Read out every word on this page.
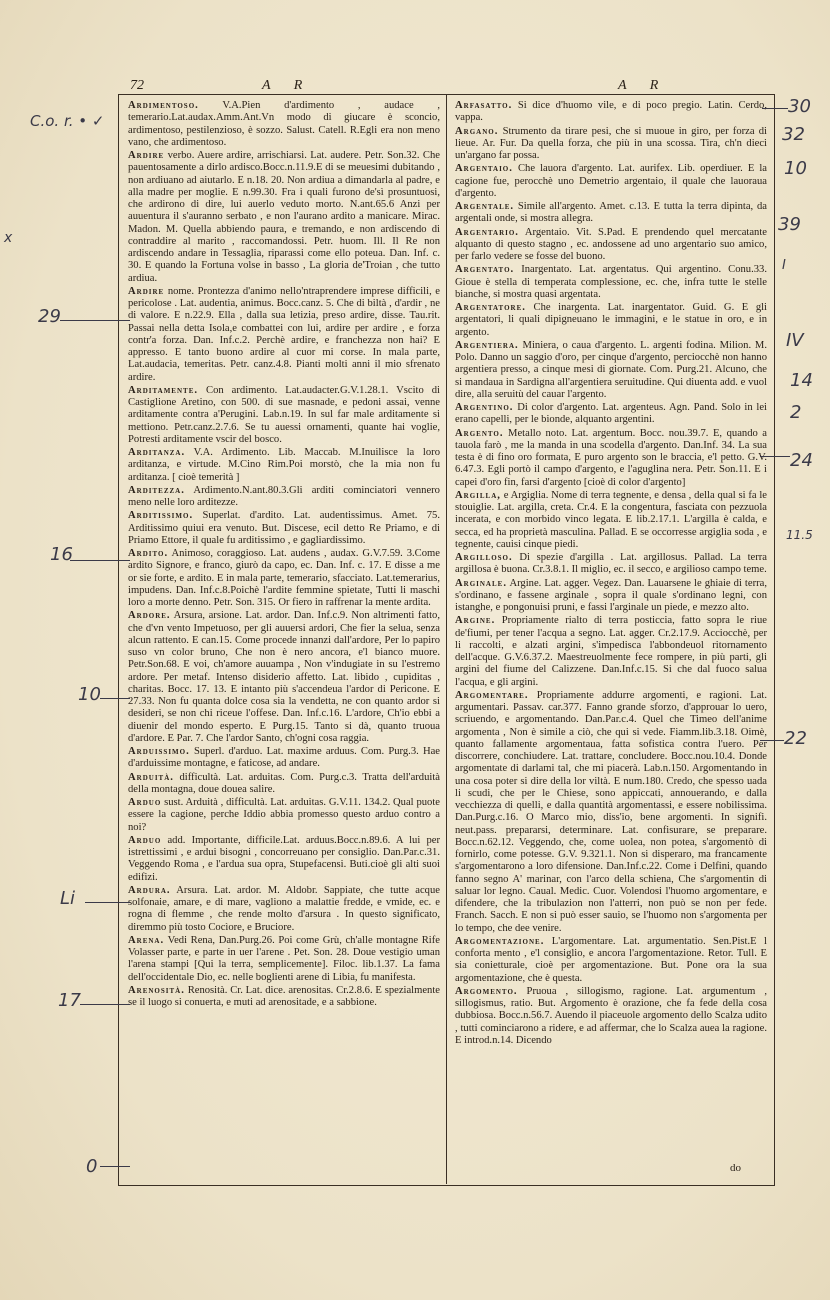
72	A R	A R
Ardimentoso. V.A.Pien d'ardimento , audace , temerario.Lat.audax.Amm.Ant.Vn modo di giucare è sconcio, ardimentoso, pestilenzioso, è sozzo. Salust. Catell. R.Egli era non meno vano, che ardimentoso.
Ardire verbo. Auere ardire, arrischiarsi. Lat. audere. Petr. Son.32. Che pauentosamente a dirlo ardisco.Bocc.n.11.9.E di se meuesimi dubitando , non ardiuano ad aiutarlo. E n.18. 20. Non ardiua a dimandarla al padre, e alla madre per moglie. E n.99.30. Fra i quali furono de'sì prosuntuosi, che ardirono di dire, lui auerlo veduto morto. N.ant.65.6 Anzi per auuentura il s'auranno serbato , e non l'aurano ardito a manicare. Mirac. Madon. M. Quella abbiendo paura, e tremando, e non ardiscendo di contraddire al marito , raccomandossi. Petr. huom. Ill. Il Re non ardiscendo andare in Tessaglia, riparassi come ello poteua. Dan. Inf. c. 30. E quando la Fortuna volse in basso , La gloria de'Troian , che tutto ardiua.
Ardire nome. Prontezza d'animo nello'ntraprendere imprese difficili, e pericolose . Lat. audentia, animus. Bocc.canz. 5. Che di biltà , d'ardir , ne di valore. E n.22.9. Ella , dalla sua letizia, preso ardire, disse. Tau.rit. Passai nella detta Isola,e combattei con lui, ardire per ardire , e forza contr'a forza. Dan. Inf.c.2. Perchè ardire, e franchezza non hai? E appresso. E tanto buono ardire al cuor mi corse. In mala parte, Lat.audacia, temeritas. Petr. canz.4.8. Pianti molti anni il mio sfrenato ardire.
Arditamente. Con ardimento. Lat.audacter.G.V.1.28.1. Vscito di Castiglione Aretino, con 500. di sue masnade, e pedoni assai, venne arditamente contra a'Perugini. Lab.n.19. In sul far male arditamente si mettiono. Petr.canz.2.7.6. Se tu auessi ornamenti, quante hai voglie, Potresti arditamente vscir del bosco.
Arditanza. V.A. Ardimento. Lib. Maccab. M.Inuilisce la loro arditanza, e virtude. M.Cino Rim.Poi morstò, che la mia non fu arditanza. [ cioè temerità ]
Arditezza. Ardimento.N.ant.80.3.Gli arditi cominciatori vennero meno nelle loro arditezze.
Arditissimo. Superlat. d'ardito. Lat. audentissimus. Amet. 75. Arditissimo quiui era venuto. But. Discese, ecil detto Re Priamo, e di Priamo Ettore, il quale fu arditissimo , e gagliardissimo.
Ardito. Animoso, coraggioso. Lat. audens , audax. G.V.7.59. 3.Come ardito Signore, e franco, giurò da capo, ec. Dan. Inf. c. 17. E disse a me or sie forte, e ardito. E in mala parte, temerario, sfacciato. Lat.temerarius, impudens. Dan. Inf.c.8.Poichè l'ardite femmine spietate, Tutti li maschi loro a morte denno. Petr. Son. 315. Or fiero in raffrenar la mente ardita.
Ardore. Arsura, arsione. Lat. ardor. Dan. Inf.c.9. Non altrimenti fatto, che d'vn vento Impetuoso, per gli auuersi ardori, Che fier la selua, senza alcun rattento. E can.15. Come procede innanzi dall'ardore, Per lo papiro suso vn color bruno, Che non è nero ancora, e'l bianco muore. Petr.Son.68. E voi, ch'amore auuampa , Non v'indugiate in su l'estremo ardore. Per metaf. Intenso disiderio affetto. Lat. libido , cupiditas , charitas. Bocc. 17. 13. E intanto più s'accendeua l'ardor di Pericone. E 27.33. Non fu quanta dolce cosa sia la vendetta, ne con quanto ardor si desideri, se non chi riceue l'offese. Dan. Inf.c.16. L'ardore, Ch'io ebbi a diuenir del mondo esperto. E Purg.15. Tanto si dà, quanto truoua d'ardore. E Par. 7. Che l'ardor Santo, ch'ogni cosa raggia.
Arduissimo. Superl. d'arduo. Lat. maxime arduus. Com. Purg.3. Hae d'arduissime montagne, e faticose, ad andare.
Arduità. difficultà. Lat. arduitas. Com. Purg.c.3. Tratta dell'arduità della montagna, doue douea salire.
Arduo sust. Arduità , difficultà. Lat. arduitas. G.V.11. 134.2. Qual puote essere la cagione, perche Iddio abbia promesso questo arduo contro a noi?
Arduo add. Importante, difficile.Lat. arduus.Bocc.n.89.6. A lui per istrettissimi , e ardui bisogni , concorreuano per consiglio. Dan.Par.c.31. Veggendo Roma , e l'ardua sua opra, Stupefacensi. Buti.cioè gli alti suoi edifizi.
Ardura. Arsura. Lat. ardor. M. Aldobr. Sappiate, che tutte acque solfonaie, amare, e di mare, vagliono a malattie fredde, e vmide, ec. e rogna di flemme , che rende molto d'arsura . In questo significato, diremmo più tosto Cocìore, e Bruciore.
Arena. Vedi Rena, Dan.Purg.26. Poi come Grù, ch'alle montagne Rife Volasser parte, e parte in uer l'arene . Pet. Son. 28. Doue vestigio uman l'arena stampi [Qui la terra, semplicemente]. Filoc. lib.1.37. La fama dell'occidentale Dio, ec. nelle boglienti arene di Libia, fu manifesta.
Arenosità. Renosità. Cr. Lat. dice. arenositas. Cr.2.8.6. E spezialmente se il luogo si conuerta, e muti ad arenositade, e a sabbione.
Arfasatto. Si dice d'huomo vile, e di poco pregio. Latin. Cerdo, vappa.
Argano. Strumento da tirare pesi, che si muoue in giro, per forza di lieue. Ar. Fur. Da quella forza, che più in una scossa. Tira, ch'n dieci un'argano far possa.
Argentaio. Che lauora d'argento. Lat. aurifex. Lib. operdiuer. E la cagione fue, perocchè uno Demetrio argentaio, il quale che lauoraua d'argento.
Argentale. Simile all'argento. Amet. c.13. E tutta la terra dipinta, da argentali onde, si mostra allegra.
Argentario. Argentaio. Vit. S.Pad. E prendendo quel mercatante alquanto di questo stagno , ec. andossene ad uno argentario suo amico, per farlo vedere se fosse del buono.
Argentato. Inargentato. Lat. argentatus. Qui argentino. Conu.33. Gioue è stella di temperata complessione, ec. che, infra tutte le stelle bianche, si mostra quasi argentata.
Argentatore. Che inargenta. Lat. inargentator. Guid. G. E gli argentatori, li quali dipigneuano le immagini, e le statue in oro, e in argento.
Argentiera. Miniera, o caua d'argento. L. argenti fodina. Milion. M. Polo. Danno un saggio d'oro, per cinque d'argento, perciocchè non hanno argentiera presso, a cinque mesi di giornate. Com. Purg.21. Alcuno, che si mandaua in Sardigna all'argentiera seruitudine. Qui diuenta add. e vuol dire, alla seruitù del cauar l'argento.
Argentino. Di color d'argento. Lat. argenteus. Agn. Pand. Solo in lei erano capelli, per le bionde, alquanto argentini.
Argento. Metallo noto. Lat. argentum. Bocc. nou.39.7. E, quando a tauola farò , me la manda in una scodella d'argento. Dan.Inf. 34. La sua testa è di fino oro formata, E puro argento son le braccia, e'l petto. G.V. 6.47.3. Egli portò il campo d'argento, e l'aguglina nera. Petr. Son.11. E i capei d'oro fin, farsi d'argento [cioè di color d'argento]
Argilla, e Argiglia. Nome di terra tegnente, e densa , della qual si fa le stouiglie. Lat. argilla, creta. Cr.4. E la congentura, fasciata con pezzuola incerata, e con morbido vinco legata. E lib.2.17.1. L'argilla è calda, e secca, ed ha proprietà masculina. Pallad. E se occorresse argiglia soda , e tegnente, cauisi cinque piedi.
Argilloso. Di spezie d'argilla . Lat. argillosus. Pallad. La terra argillosa è buona. Cr.3.8.1. Il miglio, ec. il secco, e argilioso campo teme.
Arginale. Argine. Lat. agger. Vegez. Dan. Lauarsene le ghiaie di terra, s'ordinano, e fassene arginale , sopra il quale s'ordinano legni, con istanghe, e pongonuisi pruni, e fassi l'arginale un piede, e mezzo alto.
Argine. Propriamente rialto di terra posticcia, fatto sopra le riue de'fiumi, per tener l'acqua a segno. Lat. agger. Cr.2.17.9. Acciocchè, per li raccolti, e alzati argini, s'impedisca l'abbondeuol ritornamento dell'acque. G.V.6.37.2. Maestreuolmente fece rompere, in più parti, gli argini del fiume del Calizzene. Dan.Inf.c.15. Si che dal fuoco salua l'acqua, e gli argini.
Argomentare. Propriamente addurre argomenti, e ragioni. Lat. argumentari. Passav. car.377. Fanno grande sforzo, d'approuar lo uero, scriuendo, e argomentando. Dan.Par.c.4. Quel che Timeo dell'anime argomenta , Non è simile a ciò, che qui si vede. Fiamm.lib.3.18. Oimè, quanto fallamente argomentaua, fatta sofistica contra l'uero. Per discorrere, conchiudere. Lat. trattare, concludere. Bocc.nou.10.4. Donde argomentate di darlami tal, che mi piacerà. Lab.n.150. Argomentando in una cosa poter si dire della lor viltà. E num.180. Credo, che spesso uada li scudi, che per le Chiese, sono appiccati, annouerando, e dalla vecchiezza di quelli, e dalla quantità argomentassi, e essere nobilissima. Dan.Purg.c.16. O Marco mio, diss'io, bene argomenti. In signifi. neut.pass. prepararsi, determinare. Lat. confisurare, se preparare. Bocc.n.62.12. Veggendo, che, come uolea, non potea, s'argomentò di fornirlo, come potesse. G.V. 9.321.1. Non si disperaro, ma francamente s'argomentarono a loro difensione. Dan.Inf.c.22. Come i Delfini, quando fanno segno A' marinar, con l'arco della schiena, Che s'argomentin di saluar lor legno. Caual. Medic. Cuor. Volendosi l'huomo argomentare, e difendere, che la tribulazion non l'atterri, non può se non per fede. Franch. Sacch. E non si può esser sauio, se l'huomo non s'argomenta per lo tempo, che dee venire.
Argomentazione. L'argomentare. Lat. argumentatio. Sen.Pist.E l conforta mento , e'l consiglio, e ancora l'argomentazione. Retor. Tull. E sia conietturale, cioè per argomentazione. But. Pone ora la sua argomentazione, che è questa.
Argomento. Pruoua , sillogismo, ragione. Lat. argumentum , sillogismus, ratio. But. Argomento è orazione, che fa fede della cosa dubbiosa. Bocc.n.56.7. Auendo il piaceuole argomento dello Scalza udito , tutti cominciarono a ridere, e ad affermar, che lo Scalza auea la ragione. E introd.n.14. Dicendo
do
C.o. r. • ✓
x
29
16
10
Li
17
0
30
32
10
39
I
IV
14
2
24
11.5
22
